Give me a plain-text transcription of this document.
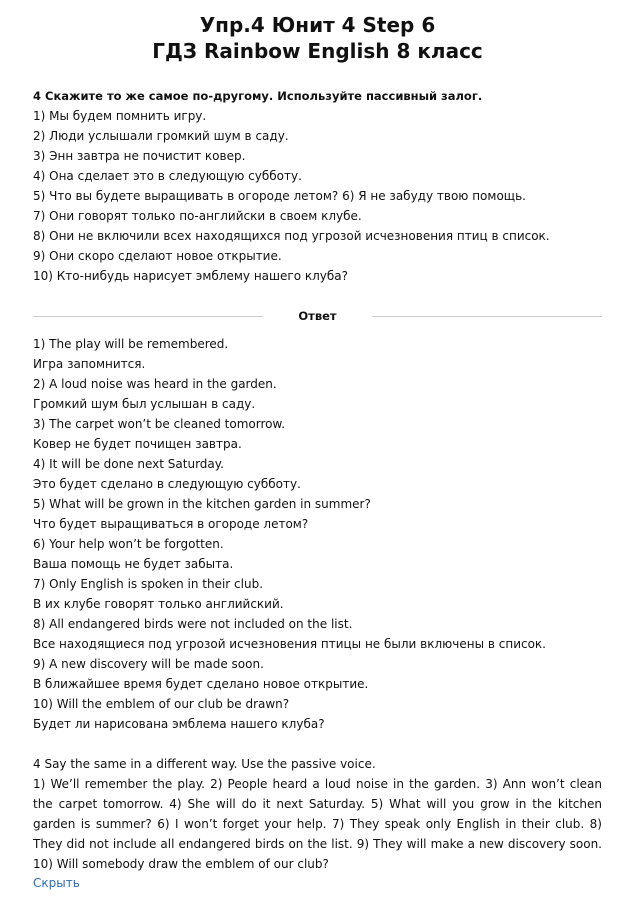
Упр.4 Юнит 4 Step 6
ГДЗ Rainbow English 8 класс
4 Скажите то же самое по-другому. Используйте пассивный залог.
1) Мы будем помнить игру.
2) Люди услышали громкий шум в саду.
3) Энн завтра не почистит ковер.
4) Она сделает это в следующую субботу.
5) Что вы будете выращивать в огороде летом? 6) Я не забуду твою помощь.
7) Они говорят только по-английски в своем клубе.
8) Они не включили всех находящихся под угрозой исчезновения птиц в список.
9) Они скоро сделают новое открытие.
10) Кто-нибудь нарисует эмблему нашего клуба?
Ответ
1) The play will be remembered.
Игра запомнится.
2) A loud noise was heard in the garden.
Громкий шум был услышан в саду.
3) The carpet won’t be cleaned tomorrow.
Ковер не будет почищен завтра.
4) It will be done next Saturday.
Это будет сделано в следующую субботу.
5) What will be grown in the kitchen garden in summer?
Что будет выращиваться в огороде летом?
6) Your help won’t be forgotten.
Ваша помощь не будет забыта.
7) Only English is spoken in their club.
В их клубе говорят только английский.
8) All endangered birds were not included on the list.
Все находящиеся под угрозой исчезновения птицы не были включены в список.
9) A new discovery will be made soon.
В ближайшее время будет сделано новое открытие.
10) Will the emblem of our club be drawn?
Будет ли нарисована эмблема нашего клуба?
4 Say the same in a different way. Use the passive voice.
1) We’ll remember the play. 2) People heard a loud noise in the garden. 3) Ann won’t clean the carpet tomorrow. 4) She will do it next Saturday. 5) What will you grow in the kitchen garden is summer? 6) I won’t forget your help. 7) They speak only English in their club. 8) They did not include all endangered birds on the list. 9) They will make a new discovery soon. 10) Will somebody draw the emblem of our club?
Скрыть
